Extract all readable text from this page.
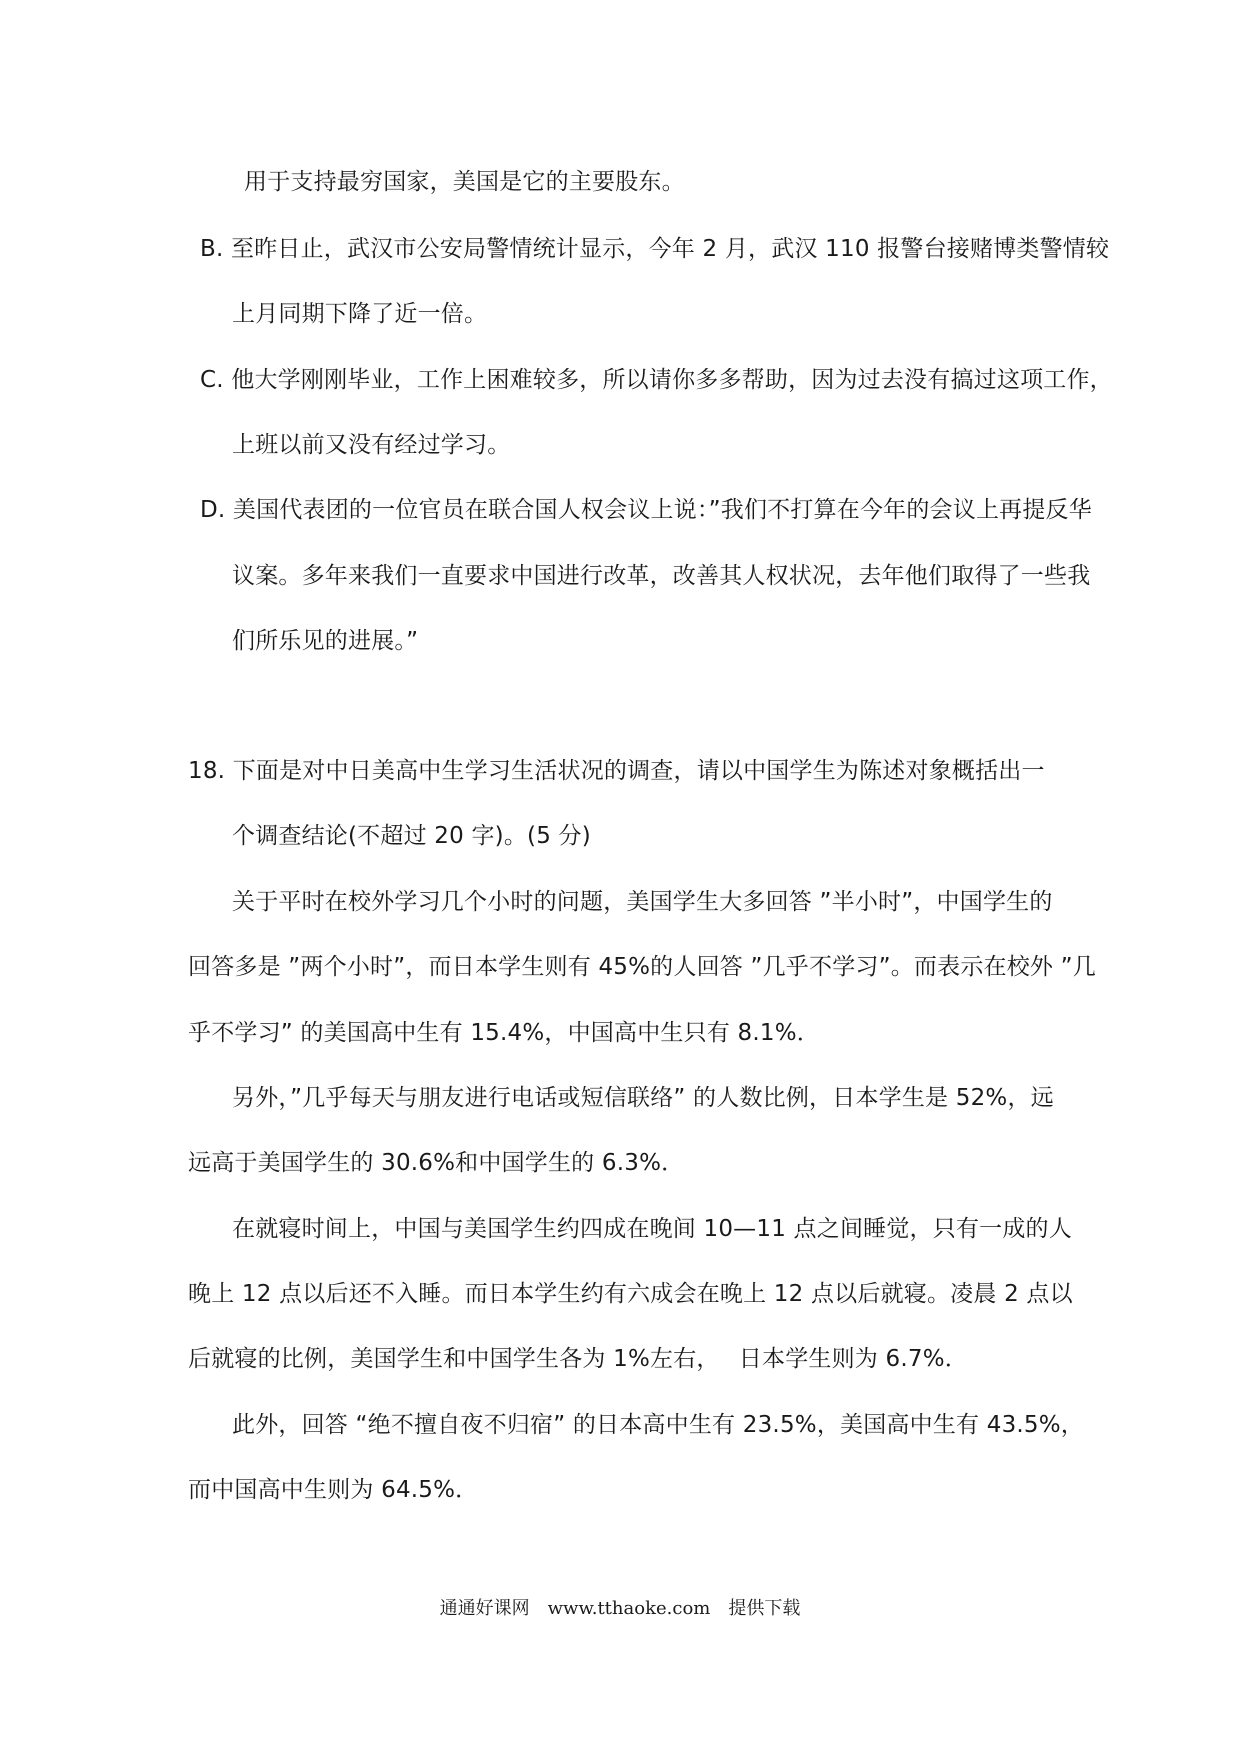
用于支持最穷国家，美国是它的主要股东。
B. 至昨日止，武汉市公安局警情统计显示，今年 2 月，武汉 110 报警台接赌博类警情较
上月同期下降了近一倍。
C. 他大学刚刚毕业，工作上困难较多，所以请你多多帮助，因为过去没有搞过这项工作，
上班以前又没有经过学习。
D. 美国代表团的一位官员在联合国人权会议上说：”我们不打算在今年的会议上再提反华
议案。多年来我们一直要求中国进行改革，改善其人权状况，去年他们取得了一些我
们所乐见的进展。”
18. 下面是对中日美高中生学习生活状况的调查，请以中国学生为陈述对象概括出一
个调查结论(不超过 20 字)。(5 分)
关于平时在校外学习几个小时的问题，美国学生大多回答 ”半小时”，中国学生的
回答多是 ”两个小时”，而日本学生则有 45%的人回答 ”几乎不学习”。而表示在校外 ”几
乎不学习” 的美国高中生有 15.4%，中国高中生只有 8.1%．
另外，”几乎每天与朋友进行电话或短信联络” 的人数比例，日本学生是 52%，远
远高于美国学生的 30.6%和中国学生的 6.3%．
在就寝时间上，中国与美国学生约四成在晚间 10—11 点之间睡觉，只有一成的人
晚上 12 点以后还不入睡。而日本学生约有六成会在晚上 12 点以后就寝。凌晨 2 点以
后就寝的比例，美国学生和中国学生各为 1%左右，　 日本学生则为 6.7%．
此外，回答 “绝不擅自夜不归宿” 的日本高中生有 23.5%，美国高中生有 43.5%，
而中国高中生则为 64.5%．
通通好课网　www.tthaoke.com　提供下载
